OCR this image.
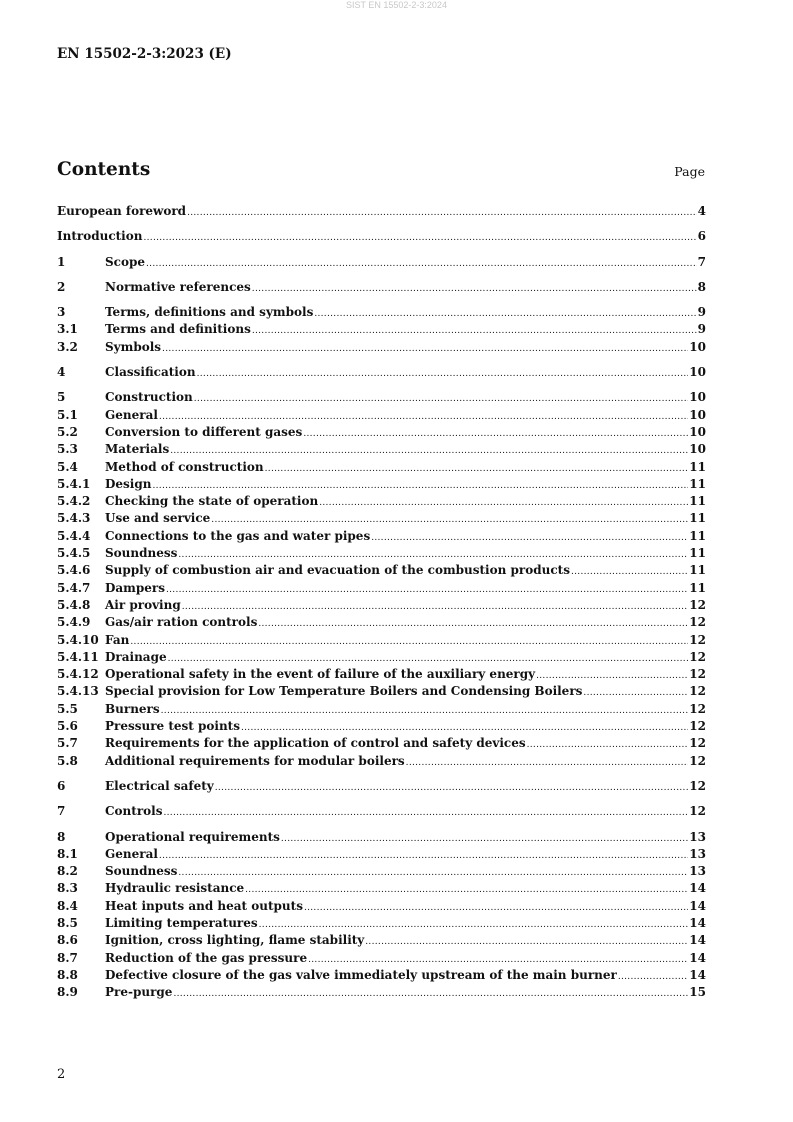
SIST EN 15502-2-3:2024
EN 15502-2-3:2023 (E)
Contents	Page
European foreword .....	4
Introduction .....	6
1	Scope .....	7
2	Normative references .....	8
3	Terms, definitions and symbols .....	9
3.1	Terms and definitions .....	9
3.2	Symbols .....	10
4	Classification .....	10
5	Construction .....	10
5.1	General .....	10
5.2	Conversion to different gases .....	10
5.3	Materials .....	10
5.4	Method of construction .....	11
5.4.1	Design .....	11
5.4.2	Checking the state of operation .....	11
5.4.3	Use and service .....	11
5.4.4	Connections to the gas and water pipes .....	11
5.4.5	Soundness .....	11
5.4.6	Supply of combustion air and evacuation of the combustion products .....	11
5.4.7	Dampers .....	11
5.4.8	Air proving .....	12
5.4.9	Gas/air ration controls .....	12
5.4.10 Fan .....	12
5.4.11 Drainage .....	12
5.4.12 Operational safety in the event of failure of the auxiliary energy .....	12
5.4.13 Special provision for Low Temperature Boilers and Condensing Boilers .....	12
5.5	Burners .....	12
5.6	Pressure test points .....	12
5.7	Requirements for the application of control and safety devices .....	12
5.8	Additional requirements for modular boilers .....	12
6	Electrical safety .....	12
7	Controls .....	12
8	Operational requirements .....	13
8.1	General .....	13
8.2	Soundness .....	13
8.3	Hydraulic resistance .....	14
8.4	Heat inputs and heat outputs .....	14
8.5	Limiting temperatures .....	14
8.6	Ignition, cross lighting, flame stability .....	14
8.7	Reduction of the gas pressure .....	14
8.8	Defective closure of the gas valve immediately upstream of the main burner .....	14
8.9	Pre-purge .....	15
2
